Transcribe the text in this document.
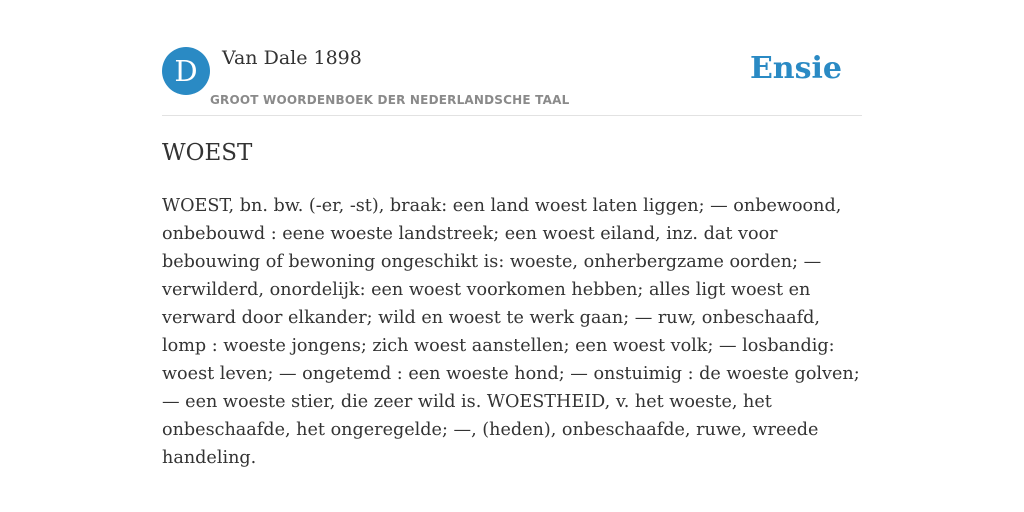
D	Van Dale 1898
GROOT WOORDENBOEK DER NEDERLANDSCHE TAAL
Ensie
WOEST

WOEST, bn. bw. (-er, -st), braak: een land woest laten liggen; — onbewoond, onbebouwd : eene woeste landstreek; een woest eiland, inz. dat voor bebouwing of bewoning ongeschikt is: woeste, onherbergzame oorden; — verwilderd, onordelijk: een woest voorkomen hebben; alles ligt woest en verward door elkander; wild en woest te werk gaan; — ruw, onbeschaafd, lomp : woeste jongens; zich woest aanstellen; een woest volk; — losbandig: woest leven; — ongetemd : een woeste hond; — onstuimig : de woeste golven; — een woeste stier, die zeer wild is. WOESTHEID, v. het woeste, het onbeschaafde, het ongeregelde; —, (heden), onbeschaafde, ruwe, wreede handeling.
